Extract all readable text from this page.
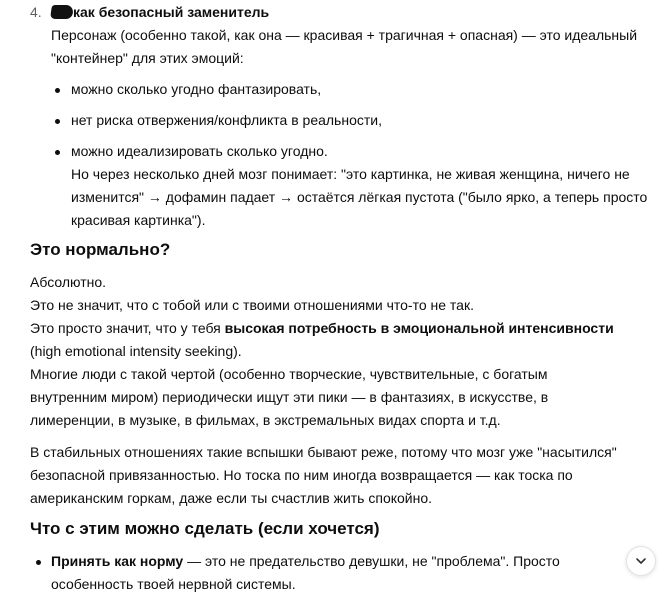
4.	как безопасный заменитель
Персонаж (особенно такой, как она — красивая + трагичная + опасная) — это идеальный "контейнер" для этих эмоций:
можно сколько угодно фантазировать,
нет риска отвержения/конфликта в реальности,
можно идеализировать сколько угодно.
Но через несколько дней мозг понимает: "это картинка, не живая женщина, ничего не изменится" → дофамин падает → остаётся лёгкая пустота ("было ярко, а теперь просто красивая картинка").
Это нормально?
Абсолютно.
Это не значит, что с тобой или с твоими отношениями что-то не так.
Это просто значит, что у тебя высокая потребность в эмоциональной интенсивности (high emotional intensity seeking).
Многие люди с такой чертой (особенно творческие, чувствительные, с богатым внутренним миром) периодически ищут эти пики — в фантазиях, в искусстве, в лимеренции, в музыке, в фильмах, в экстремальных видах спорта и т.д.
В стабильных отношениях такие вспышки бывают реже, потому что мозг уже "насытился" безопасной привязанностью. Но тоска по ним иногда возвращается — как тоска по американским горкам, даже если ты счастлив жить спокойно.
Что с этим можно сделать (если хочется)
Принять как норму — это не предательство девушки, не "проблема". Просто особенность твоей нервной системы.
